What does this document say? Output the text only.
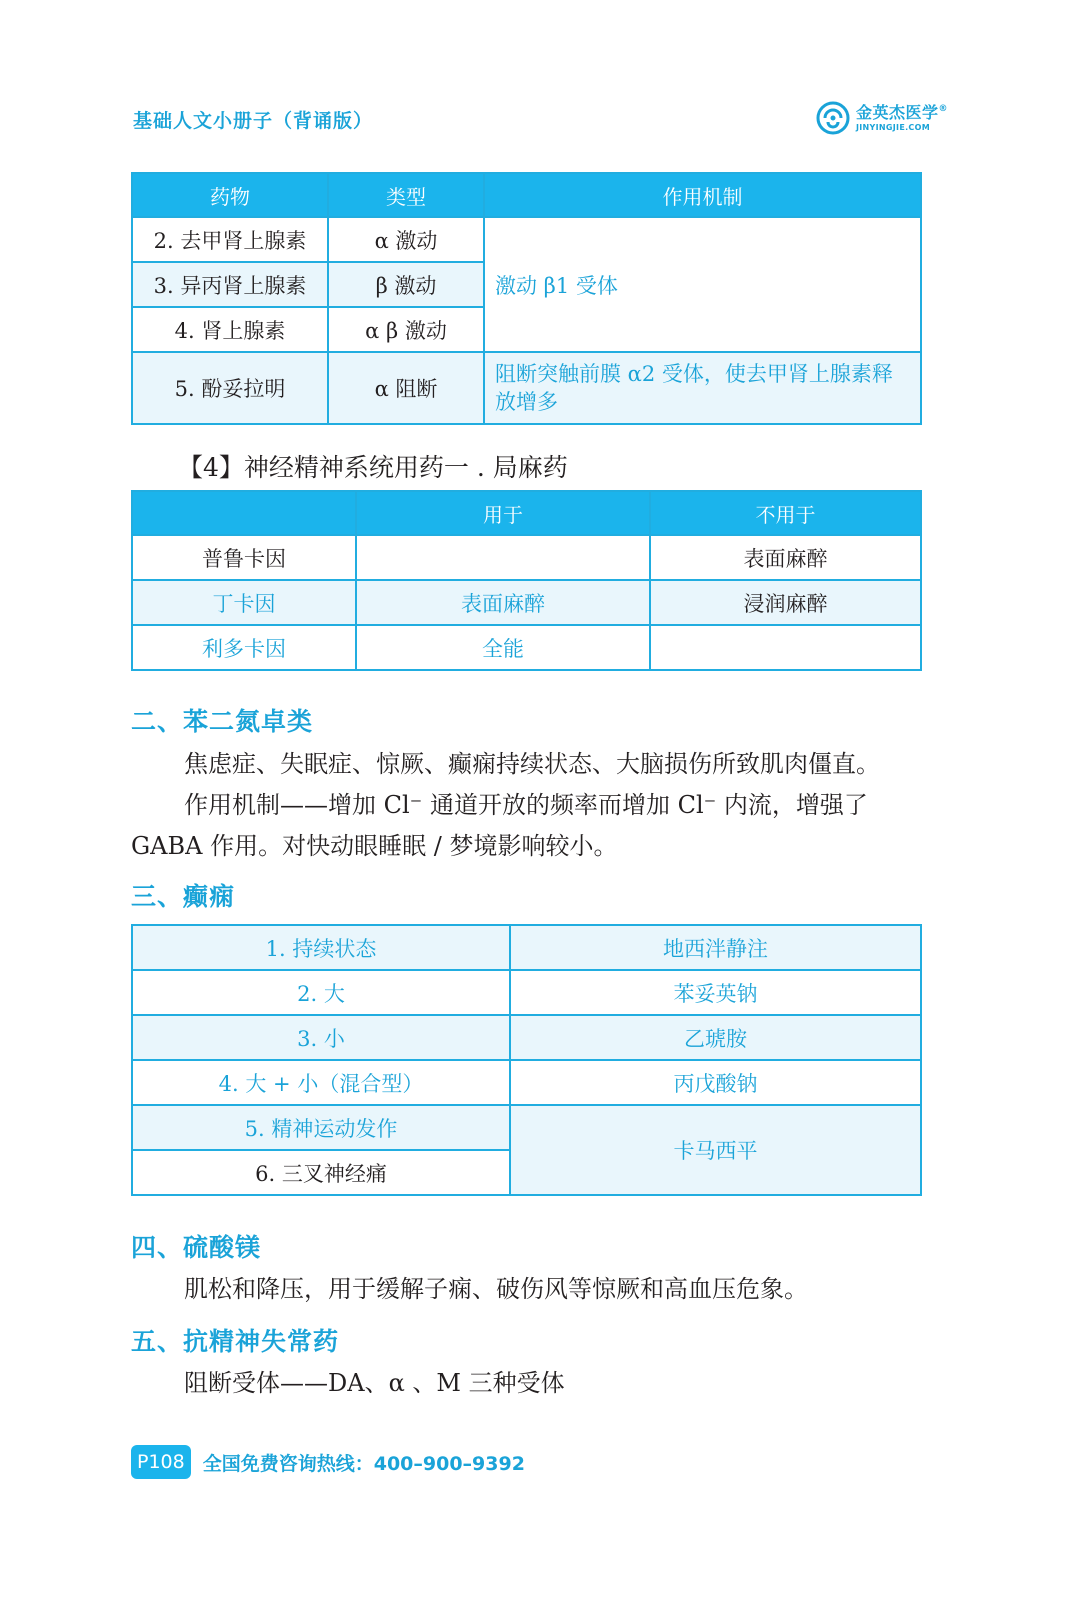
基础人文小册子（背诵版）	金英杰医学®
JINYINGJIE.COM
药物	类型	作用机制
2. 去甲肾上腺素	α 激动	激动 β1 受体
3. 异丙肾上腺素	β 激动	
4. 肾上腺素	α β 激动	
5. 酚妥拉明	α 阻断	阻断突触前膜 α2 受体，使去甲肾上腺素释放增多
【4】神经精神系统用药一 . 局麻药
	用于	不用于
普鲁卡因		表面麻醉
丁卡因	表面麻醉	浸润麻醉
利多卡因	全能	
二、苯二氮卓类
焦虑症、失眠症、惊厥、癫痫持续状态、大脑损伤所致肌肉僵直。
作用机制——增加 Cl⁻ 通道开放的频率而增加 Cl⁻ 内流，增强了
GABA 作用。对快动眼睡眠 / 梦境影响较小。
三、癫痫
1. 持续状态	地西泮静注
2. 大	苯妥英钠
3. 小	乙琥胺
4. 大 + 小（混合型）	丙戊酸钠
5. 精神运动发作	卡马西平
6. 三叉神经痛	
四、硫酸镁
肌松和降压，用于缓解子痫、破伤风等惊厥和高血压危象。
五、抗精神失常药
阻断受体——DA、α 、M 三种受体
P108 全国免费咨询热线：400–900–9392
